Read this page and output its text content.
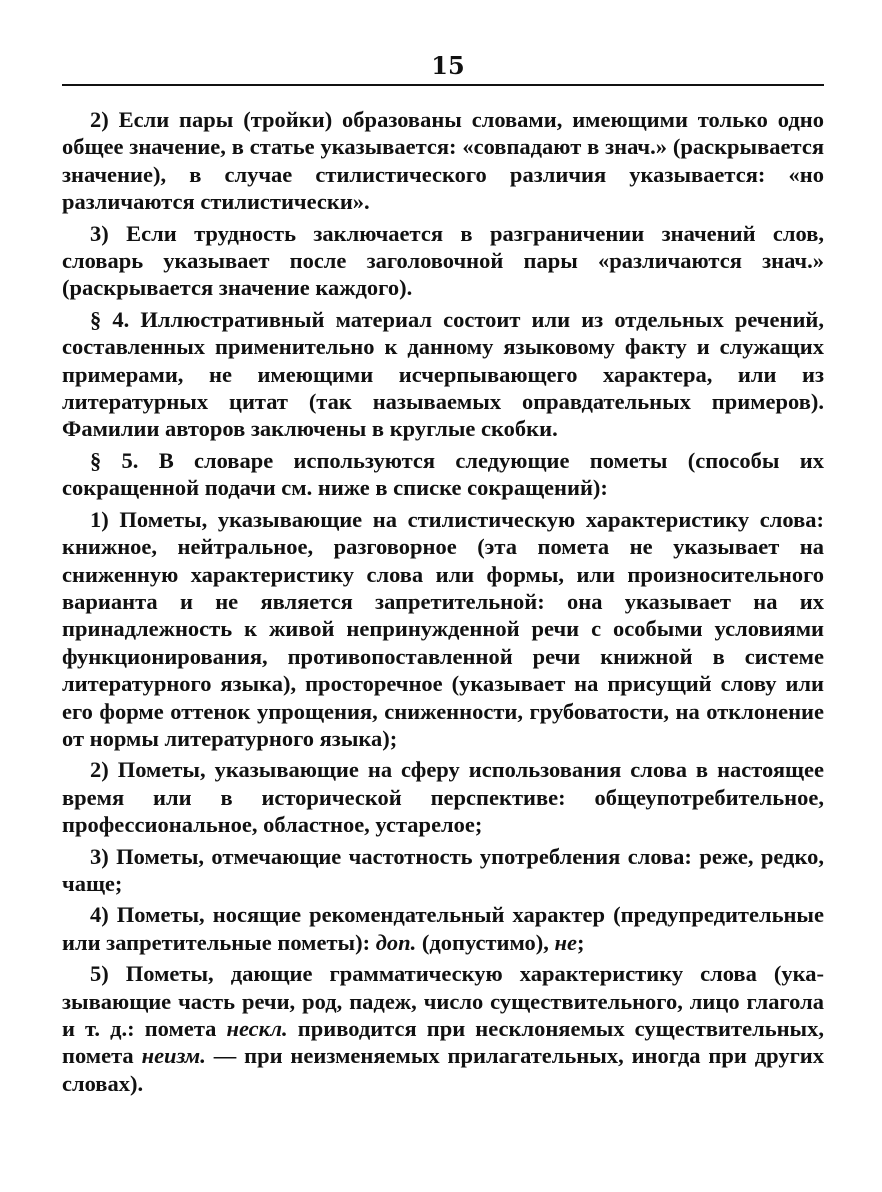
15

2) Если пары (тройки) образованы словами, имеющими только одно общее значение, в статье указывается: «совпадают в знач.» (раскрывается значение), в случае стилистического различия указывается: «но различаются стилистически».

3) Если трудность заключается в разграничении значений слов, словарь указывает после заголовочной пары «различаются знач.» (раскрывается значение каждого).

§ 4. Иллюстративный материал состоит или из отдельных речений, составленных применительно к данному языковому факту и служащих примерами, не имеющими исчерпывающего характера, или из литературных цитат (так называемых оправдательных примеров). Фамилии авторов заключены в круглые скобки.

§ 5. В словаре используются следующие пометы (способы их сокращенной подачи см. ниже в списке сокращений):

1) Пометы, указывающие на стилистическую характеристику слова: книжное, нейтральное, разговорное (эта помета не указывает на сниженную характеристику слова или формы, или произносительного варианта и не является запретительной: она указывает на их принадлежность к живой непринужденной речи с особыми условиями функционирования, противопоставленной речи книжной в системе литературного языка), просторечное (указывает на присущий слову или его форме оттенок упрощения, сниженности, грубоватости, на отклонение от нормы литературного языка);

2) Пометы, указывающие на сферу использования слова в настоящее время или в исторической перспективе: общеупотребительное, профессиональное, областное, устарелое;

3) Пометы, отмечающие частотность употребления слова: реже, редко, чаще;

4) Пометы, носящие рекомендательный характер (предупредительные или запретительные пометы): доп. (допустимо), не;

5) Пометы, дающие грамматическую характеристику слова (указывающие часть речи, род, падеж, число существительного, лицо глагола и т. д.: помета нескл. приводится при несклоняемых существительных, помета неизм. — при неизменяемых прилагательных, иногда при других словах).
